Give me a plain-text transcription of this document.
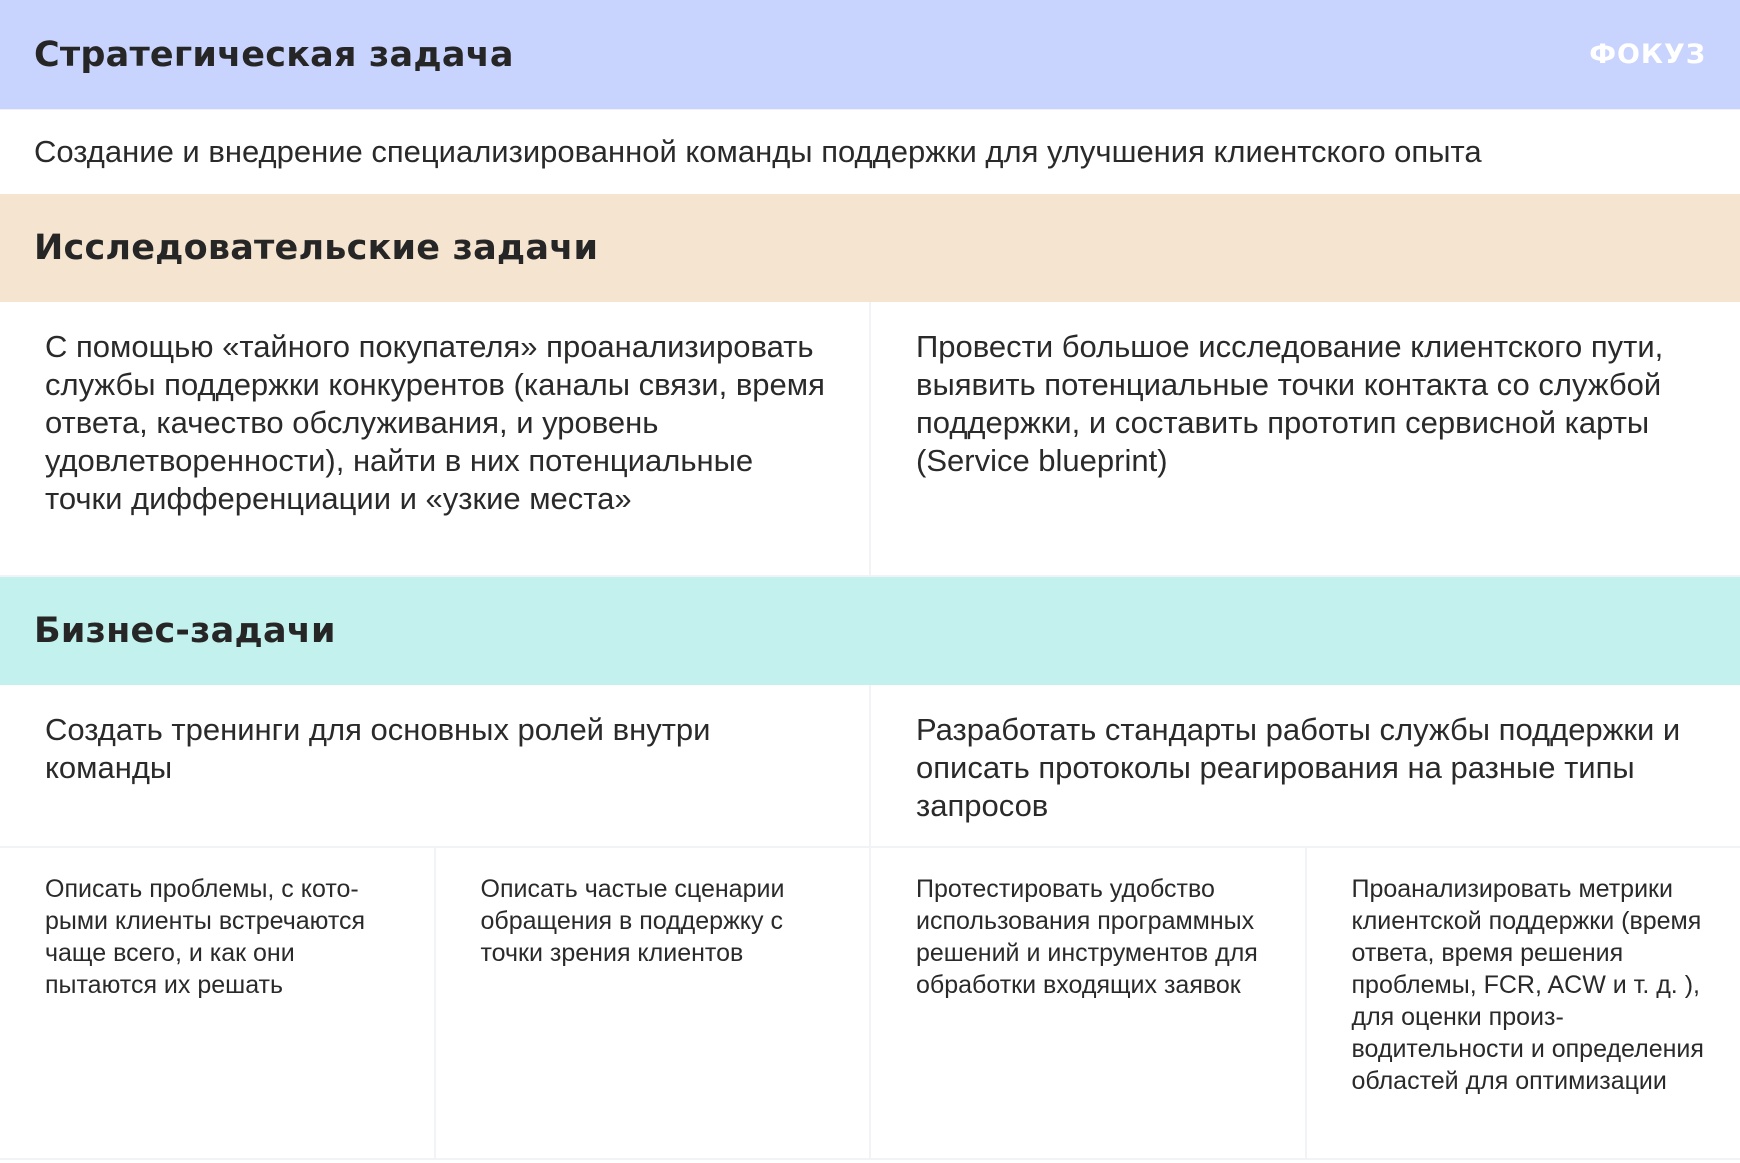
Стратегическая задача	ФОКУЗ
Создание и внедрение специализированной команды поддержки для улучшения клиентского опыта
Исследовательские задачи
С помощью «тайного покупателя» проанализировать службы поддержки конкурентов (каналы связи, время ответа, качество обслуживания, и уровень удовлетворенности), найти в них потенциальные точки дифференциации и «узкие места»
Провести большое исследование клиентского пути, выявить потенциальные точки контакта со службой поддержки, и составить прототип сервисной карты (Service blueprint)
Бизнес-задачи
Создать тренинги для основных ролей внутри команды
Разработать стандарты работы службы поддержки и описать протоколы реагирования на разные типы запросов
Описать проблемы, с которыми клиенты встречаются чаще всего, и как они пытаются их решать
Описать частые сценарии обращения в поддержку с точки зрения клиентов
Протестировать удобство использования программных решений и инструментов для обработки входящих заявок
Проанализировать метрики клиентской поддержки (время ответа, время решения проблемы, FCR, ACW и т. д. ), для оценки производительности и определения областей для оптимизации
